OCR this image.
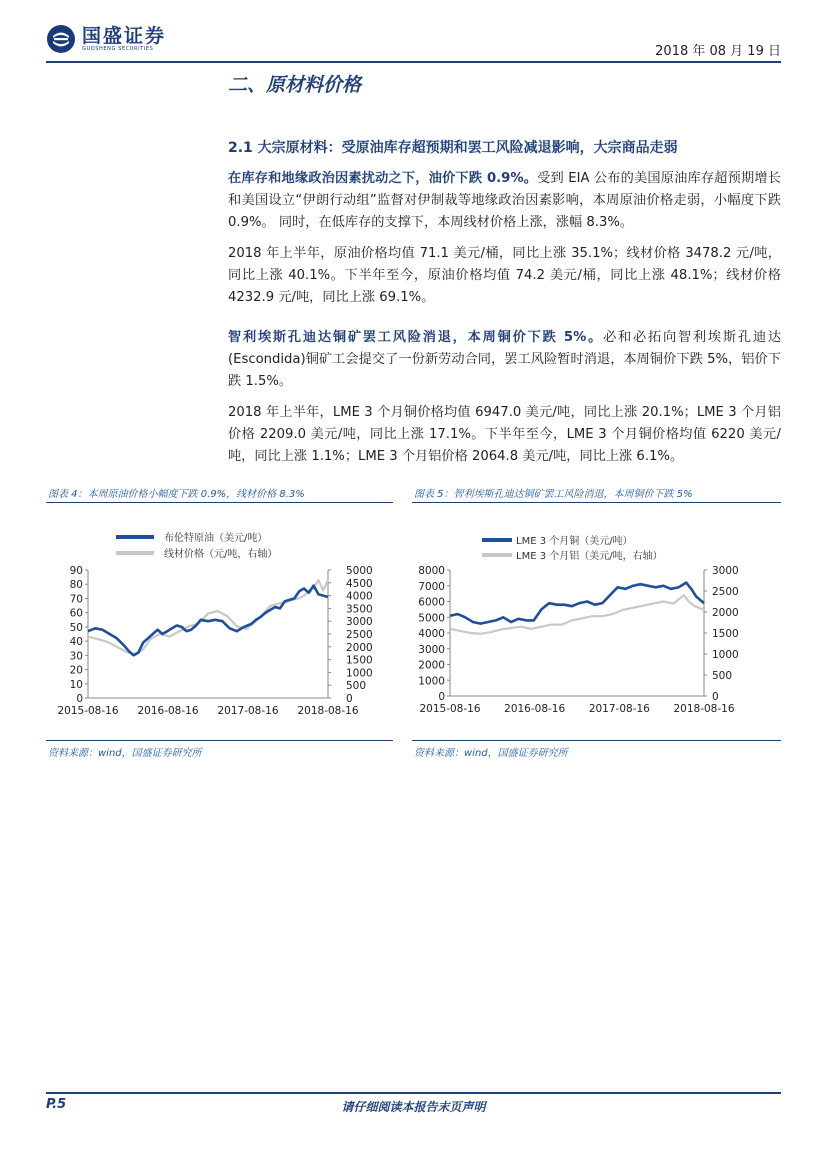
国盛证券
GUOSHENG SECURITIES	2018 年 08 月 19 日
二、原材料价格
2.1 大宗原材料：受原油库存超预期和罢工风险减退影响，大宗商品走弱
在库存和地缘政治因素扰动之下，油价下跌 0.9%。受到 EIA 公布的美国原油库存超预期增长和美国设立“伊朗行动组”监督对伊制裁等地缘政治因素影响，本周原油价格走弱，小幅度下跌 0.9%。 同时，在低库存的支撑下，本周线材价格上涨，涨幅 8.3%。
2018 年上半年，原油价格均值 71.1 美元/桶，同比上涨 35.1%；线材价格 3478.2 元/吨，同比上涨 40.1%。下半年至今，原油价格均值 74.2 美元/桶，同比上涨 48.1%；线材价格 4232.9 元/吨，同比上涨 69.1%。
智利埃斯孔迪达铜矿罢工风险消退，本周铜价下跌 5%。必和必拓向智利埃斯孔迪达(Escondida)铜矿工会提交了一份新劳动合同，罢工风险暂时消退，本周铜价下跌 5%，铝价下跌 1.5%。
2018 年上半年，LME 3 个月铜价格均值 6947.0 美元/吨，同比上涨 20.1%；LME 3 个月铝价格 2209.0 美元/吨，同比上涨 17.1%。下半年至今，LME 3 个月铜价格均值 6220 美元/吨，同比上涨 1.1%；LME 3 个月铝价格 2064.8 美元/吨，同比上涨 6.1%。
图表 4：本周原油价格小幅度下跌 0.9%，线材价格 8.3%	图表 5：智利埃斯孔迪达铜矿罢工风险消退，本周铜价下跌 5%
布伦特原油（美元/吨）
线材价格（元/吨，右轴）
0
10
20
30
40
50
60
70
80
90
0
500
1000
1500
2000
2500
3000
3500
4000
4500
5000
2015-08-16 2016-08-16 2017-08-16 2018-08-16
LME 3 个月铜（美元/吨）
LME 3 个月铝（美元/吨，右轴）
0
1000
2000
3000
4000
5000
6000
7000
8000
0
500
1000
1500
2000
2500
3000
2015-08-16 2016-08-16 2017-08-16 2018-08-16
资料来源：wind，国盛证券研究所	资料来源：wind，国盛证券研究所
P.5	请仔细阅读本报告末页声明
